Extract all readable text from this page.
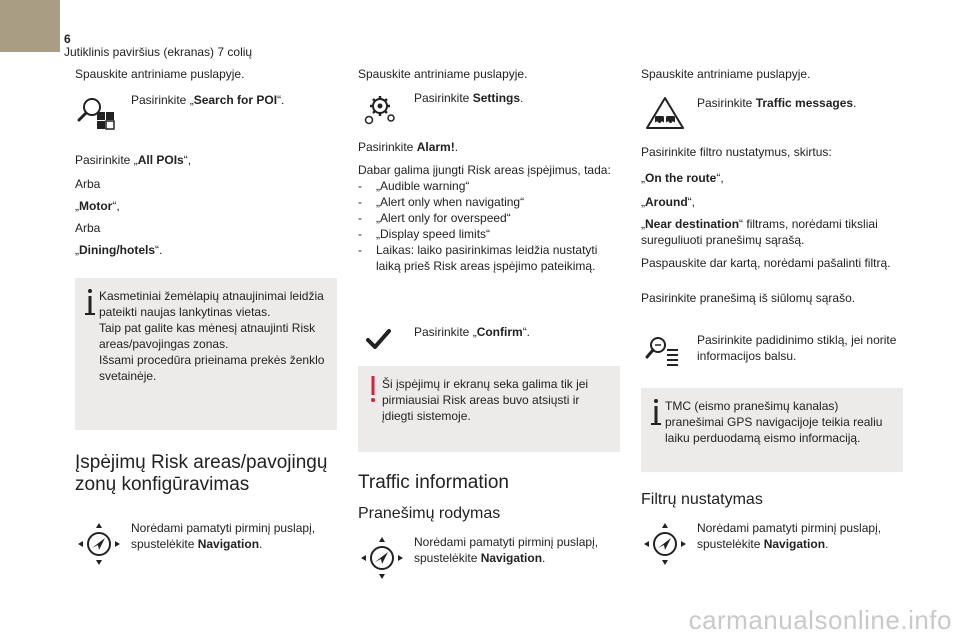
6
Jutiklinis paviršius (ekranas) 7 colių
Spauskite antriniame puslapyje.
Pasirinkite „Search for POI“.
Pasirinkite „All POIs“,
Arba
„Motor“,
Arba
„Dining/hotels“.
Kasmetiniai žemėlapių atnaujinimai leidžia pateikti naujas lankytinas vietas.
Taip pat galite kas mėnesį atnaujinti Risk areas/pavojingas zonas.
Išsami procedūra prieinama prekės ženklo svetainėje.
Įspėjimų Risk areas/pavojingų zonų konfigūravimas
Norėdami pamatyti pirminį puslapį, spustelėkite Navigation.
Spauskite antriniame puslapyje.
Pasirinkite Settings.
Pasirinkite Alarm!.
Dabar galima įjungti Risk areas įspėjimus, tada:
- „Audible warning“
- „Alert only when navigating“
- „Alert only for overspeed“
- „Display speed limits“
- Laikas: laiko pasirinkimas leidžia nustatyti laiką prieš Risk areas įspėjimo pateikimą.
Pasirinkite „Confirm“.
Ši įspėjimų ir ekranų seka galima tik jei pirmiausiai Risk areas buvo atsiųsti ir įdiegti sistemoje.
Traffic information
Pranešimų rodymas
Norėdami pamatyti pirminį puslapį, spustelėkite Navigation.
Spauskite antriniame puslapyje.
Pasirinkite Traffic messages.
Pasirinkite filtro nustatymus, skirtus:
„On the route“,
„Around“,
„Near destination“ filtrams, norėdami tiksliai sureguliuoti pranešimų sąrašą.
Paspauskite dar kartą, norėdami pašalinti filtrą.
Pasirinkite pranešimą iš siūlomų sąrašo.
Pasirinkite padidinimo stiklą, jei norite informacijos balsu.
TMC (eismo pranešimų kanalas) pranešimai GPS navigacijoje teikia realiu laiku perduodamą eismo informaciją.
Filtrų nustatymas
Norėdami pamatyti pirminį puslapį, spustelėkite Navigation.
carmanualsonline.info
